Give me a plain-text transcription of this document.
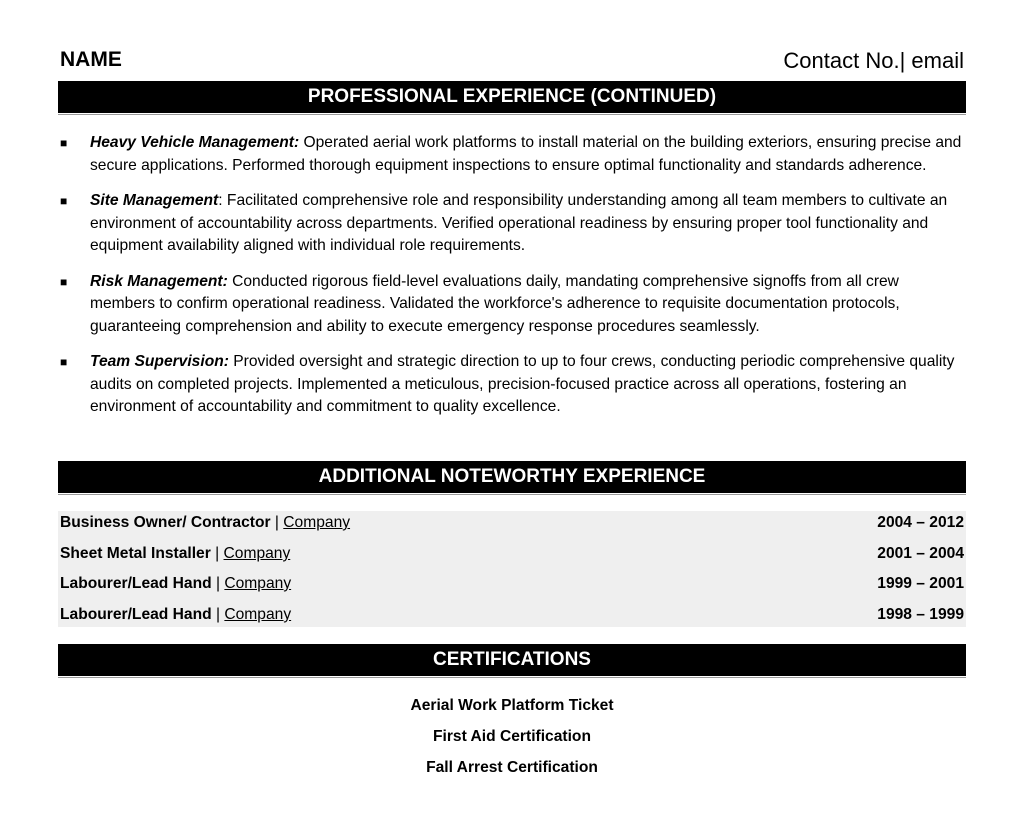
NAME	Contact No.| email
PROFESSIONAL EXPERIENCE (CONTINUED)
■ Heavy Vehicle Management: Operated aerial work platforms to install material on the building exteriors, ensuring precise and secure applications. Performed thorough equipment inspections to ensure optimal functionality and standards adherence.
■ Site Management: Facilitated comprehensive role and responsibility understanding among all team members to cultivate an environment of accountability across departments. Verified operational readiness by ensuring proper tool functionality and equipment availability aligned with individual role requirements.
■ Risk Management: Conducted rigorous field-level evaluations daily, mandating comprehensive signoffs from all crew members to confirm operational readiness. Validated the workforce's adherence to requisite documentation protocols, guaranteeing comprehension and ability to execute emergency response procedures seamlessly.
■ Team Supervision: Provided oversight and strategic direction to up to four crews, conducting periodic comprehensive quality audits on completed projects. Implemented a meticulous, precision-focused practice across all operations, fostering an environment of accountability and commitment to quality excellence.
ADDITIONAL NOTEWORTHY EXPERIENCE
Business Owner/ Contractor | Company	2004 – 2012
Sheet Metal Installer | Company	2001 – 2004
Labourer/Lead Hand | Company	1999 – 2001
Labourer/Lead Hand | Company	1998 – 1999
CERTIFICATIONS
Aerial Work Platform Ticket
First Aid Certification
Fall Arrest Certification
